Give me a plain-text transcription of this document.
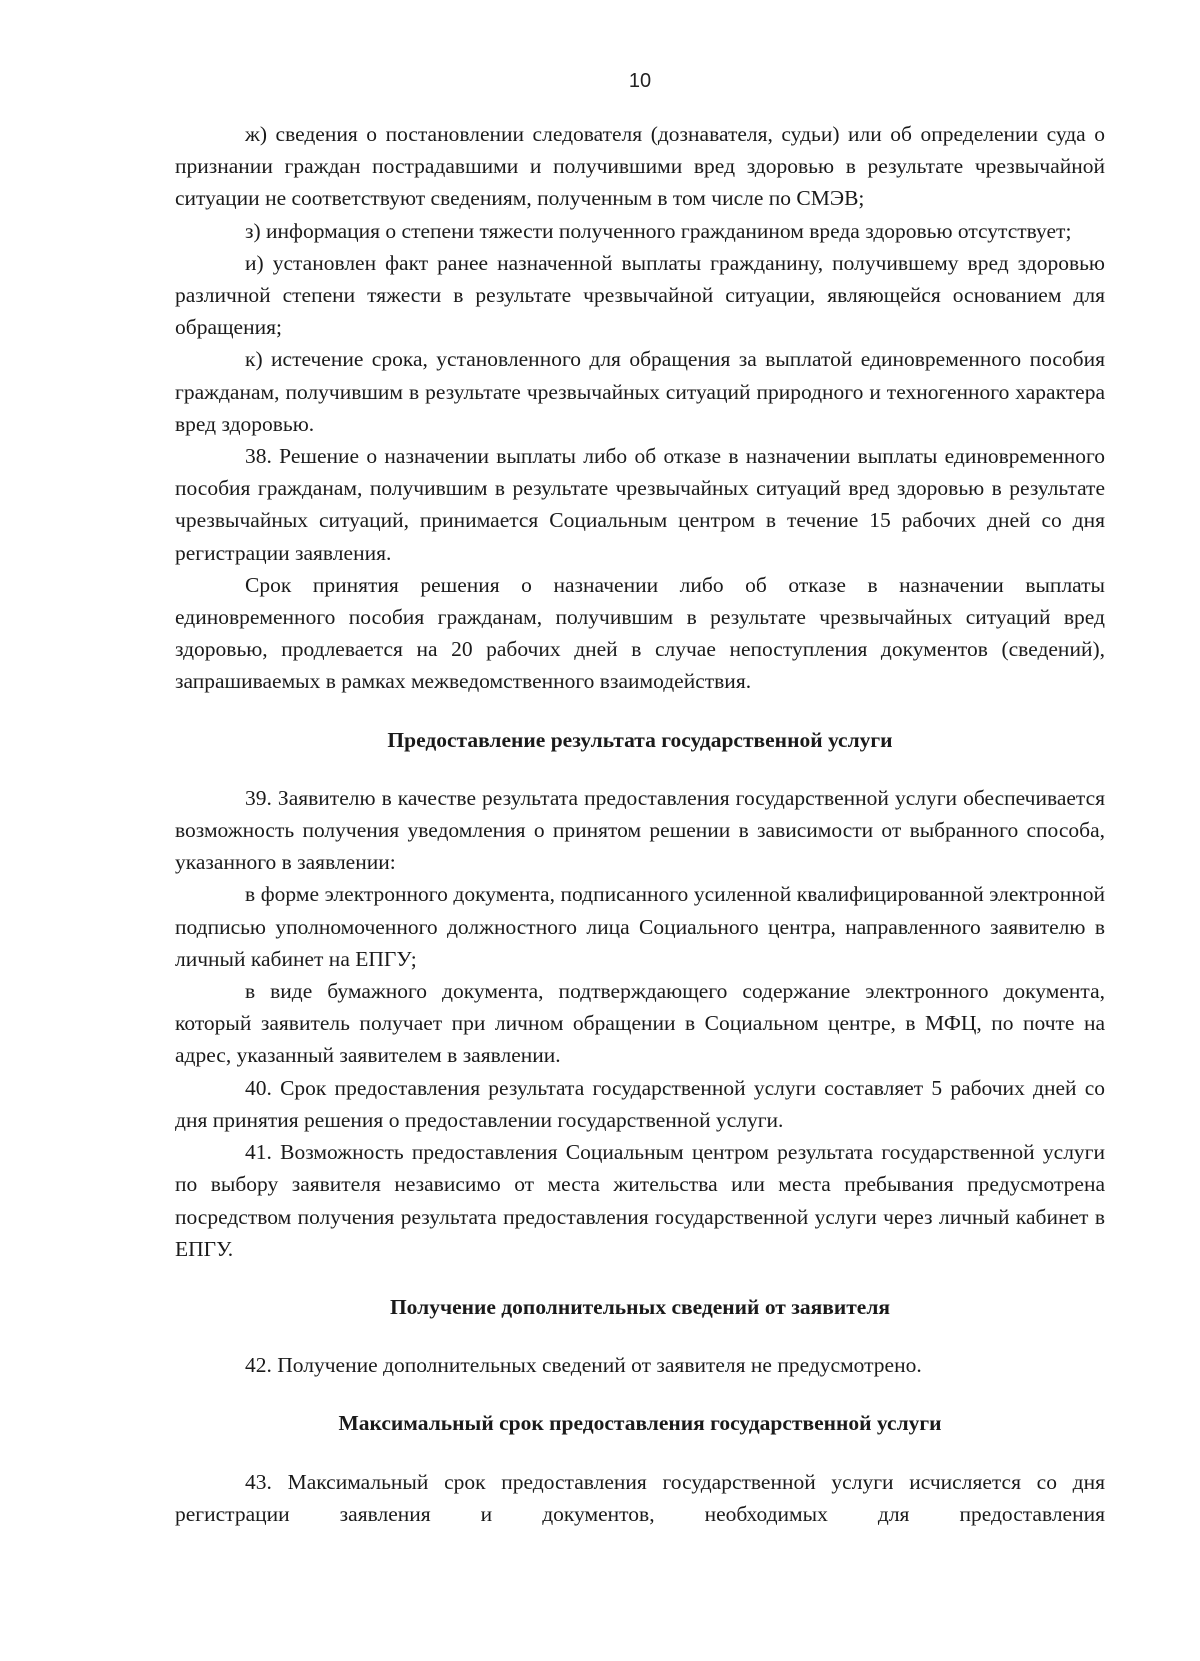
10

ж) сведения о постановлении следователя (дознавателя, судьи) или об определении суда о признании граждан пострадавшими и получившими вред здоровью в результате чрезвычайной ситуации не соответствуют сведениям, полученным в том числе по СМЭВ;

з) информация о степени тяжести полученного гражданином вреда здоровью отсутствует;

и) установлен факт ранее назначенной выплаты гражданину, получившему вред здоровью различной степени тяжести в результате чрезвычайной ситуации, являющейся основанием для обращения;

к) истечение срока, установленного для обращения за выплатой единовременного пособия гражданам, получившим в результате чрезвычайных ситуаций природного и техногенного характера вред здоровью.

38. Решение о назначении выплаты либо об отказе в назначении выплаты единовременного пособия гражданам, получившим в результате чрезвычайных ситуаций вред здоровью в результате чрезвычайных ситуаций, принимается Социальным центром в течение 15 рабочих дней со дня регистрации заявления.

Срок принятия решения о назначении либо об отказе в назначении выплаты единовременного пособия гражданам, получившим в результате чрезвычайных ситуаций вред здоровью, продлевается на 20 рабочих дней в случае непоступления документов (сведений), запрашиваемых в рамках межведомственного взаимодействия.

Предоставление результата государственной услуги

39. Заявителю в качестве результата предоставления государственной услуги обеспечивается возможность получения уведомления о принятом решении в зависимости от выбранного способа, указанного в заявлении:

в форме электронного документа, подписанного усиленной квалифицированной электронной подписью уполномоченного должностного лица Социального центра, направленного заявителю в личный кабинет на ЕПГУ;

в виде бумажного документа, подтверждающего содержание электронного документа, который заявитель получает при личном обращении в Социальном центре, в МФЦ, по почте на адрес, указанный заявителем в заявлении.

40. Срок предоставления результата государственной услуги составляет 5 рабочих дней со дня принятия решения о предоставлении государственной услуги.

41. Возможность предоставления Социальным центром результата государственной услуги по выбору заявителя независимо от места жительства или места пребывания предусмотрена посредством получения результата предоставления государственной услуги через личный кабинет в ЕПГУ.

Получение дополнительных сведений от заявителя

42. Получение дополнительных сведений от заявителя не предусмотрено.

Максимальный срок предоставления государственной услуги

43. Максимальный срок предоставления государственной услуги исчисляется со дня регистрации заявления и документов, необходимых для предоставления
